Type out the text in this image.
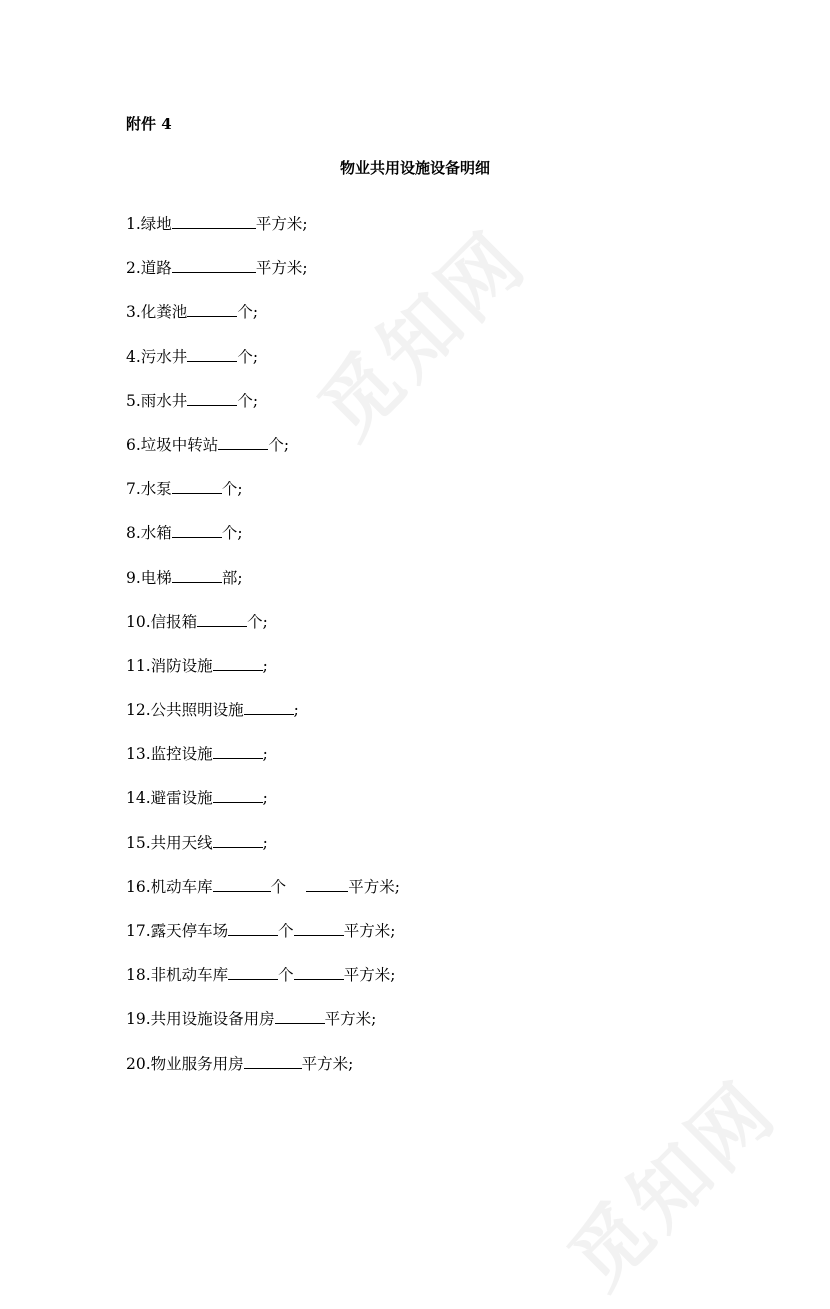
觅知网
觅知网
附件 4
物业共用设施设备明细
1.绿地	平方米;
2.道路	平方米;
3.化粪池	个;
4.污水井	个;
5.雨水井	个;
6.垃圾中转站	个;
7.水泵	个;
8.水箱	个;
9.电梯	部;
10.信报箱	个;
11.消防设施	;
12.公共照明设施	;
13.监控设施	;
14.避雷设施	;
15.共用天线	;
16.机动车库	个	平方米;
17.露天停车场	个	平方米;
18.非机动车库	个	平方米;
19.共用设施设备用房	平方米;
20.物业服务用房	平方米;
